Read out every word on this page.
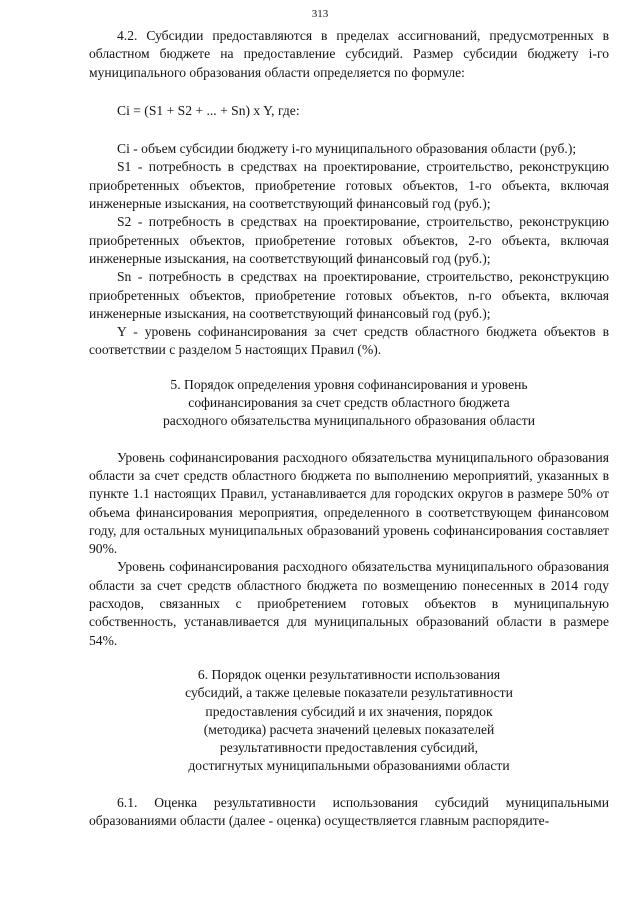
313

4.2. Субсидии предоставляются в пределах ассигнований, предусмотренных в областном бюджете на предоставление субсидий. Размер субсидии бюджету i-го муниципального образования области определяется по формуле:

Ci = (S1 + S2 + ... + Sn) x Y, где:

Ci - объем субсидии бюджету i-го муниципального образования области (руб.);

S1 - потребность в средствах на проектирование, строительство, реконструкцию приобретенных объектов, приобретение готовых объектов, 1-го объекта, включая инженерные изыскания, на соответствующий финансовый год (руб.);

S2 - потребность в средствах на проектирование, строительство, реконструкцию приобретенных объектов, приобретение готовых объектов, 2-го объекта, включая инженерные изыскания, на соответствующий финансовый год (руб.);

Sn - потребность в средствах на проектирование, строительство, реконструкцию приобретенных объектов, приобретение готовых объектов, n-го объекта, включая инженерные изыскания, на соответствующий финансовый год (руб.);

Y - уровень софинансирования за счет средств областного бюджета объектов в соответствии с разделом 5 настоящих Правил (%).

5. Порядок определения уровня софинансирования и уровень
софинансирования за счет средств областного бюджета
расходного обязательства муниципального образования области

Уровень софинансирования расходного обязательства муниципального образования области за счет средств областного бюджета по выполнению мероприятий, указанных в пункте 1.1 настоящих Правил, устанавливается для городских округов в размере 50% от объема финансирования мероприятия, определенного в соответствующем финансовом году, для остальных муниципальных образований уровень софинансирования составляет 90%.

Уровень софинансирования расходного обязательства муниципального образования области за счет средств областного бюджета по возмещению понесенных в 2014 году расходов, связанных с приобретением готовых объектов в муниципальную собственность, устанавливается для муниципальных образований области в размере 54%.

6. Порядок оценки результативности использования
субсидий, а также целевые показатели результативности
предоставления субсидий и их значения, порядок
(методика) расчета значений целевых показателей
результативности предоставления субсидий,
достигнутых муниципальными образованиями области

6.1. Оценка результативности использования субсидий муниципальными образованиями области (далее - оценка) осуществляется главным распорядите-
